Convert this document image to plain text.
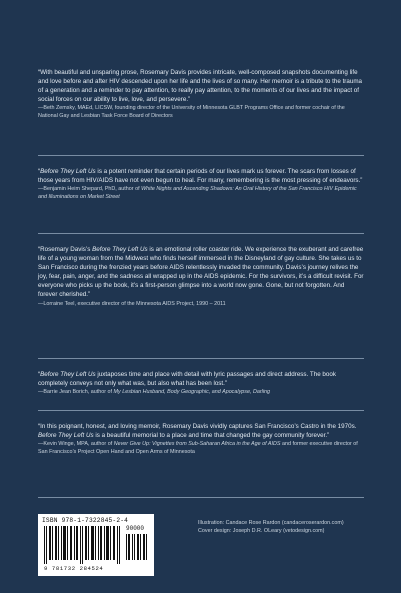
“With beautiful and unsparing prose, Rosemary Davis provides intricate, well-composed snapshots documenting life and love before and after HIV descended upon her life and the lives of so many. Her memoir is a tribute to the trauma of a generation and a reminder to pay attention, to really pay attention, to the moments of our lives and the impact of social forces on our ability to live, love, and persevere.”
—Beth Zemsky, MAEd, LICSW, founding director of the University of Minnesota GLBT Programs Office and former cochair of the National Gay and Lesbian Task Force Board of Directors
“Before They Left Us is a potent reminder that certain periods of our lives mark us forever. The scars from losses of those years from HIV/AIDS have not even begun to heal. For many, remembering is the most pressing of endeavors.”
—Benjamin Heim Shepard, PhD, author of White Nights and Ascending Shadows: An Oral History of the San Francisco HIV Epidemic and Illuminations on Market Street
“Rosemary Davis’s Before They Left Us is an emotional roller coaster ride. We experience the exuberant and carefree life of a young woman from the Midwest who finds herself immersed in the Disneyland of gay culture. She takes us to San Francisco during the frenzied years before AIDS relentlessly invaded the community. Davis’s journey relives the joy, fear, pain, anger, and the sadness all wrapped up in the AIDS epidemic. For the survivors, it’s a difficult revisit. For everyone who picks up the book, it’s a first-person glimpse into a world now gone. Gone, but not forgotten. And forever cherished.”
—Lorraine Teel, executive director of the Minnesota AIDS Project, 1990 – 2011
“Before They Left Us juxtaposes time and place with detail with lyric passages and direct address. The book completely conveys not only what was, but also what has been lost.”
—Barrie Jean Borich, author of My Lesbian Husband, Body Geographic, and Apocalypse, Darling
“In this poignant, honest, and loving memoir, Rosemary Davis vividly captures San Francisco’s Castro in the 1970s. Before They Left Us is a beautiful memorial to a place and time that changed the gay community forever.”
—Kevin Winge, MPA, author of Never Give Up: Vignettes from Sub-Saharan Africa in the Age of AIDS and former executive director of San Francisco’s Project Open Hand and Open Arms of Minnesota
ISBN 978-1-7322845-2-4
90000
9 781732 284524
Illustration: Candace Rose Rardon (candaceroserardon.com)
Cover design: Joseph D.R. OLeary (vetodesign.com)
